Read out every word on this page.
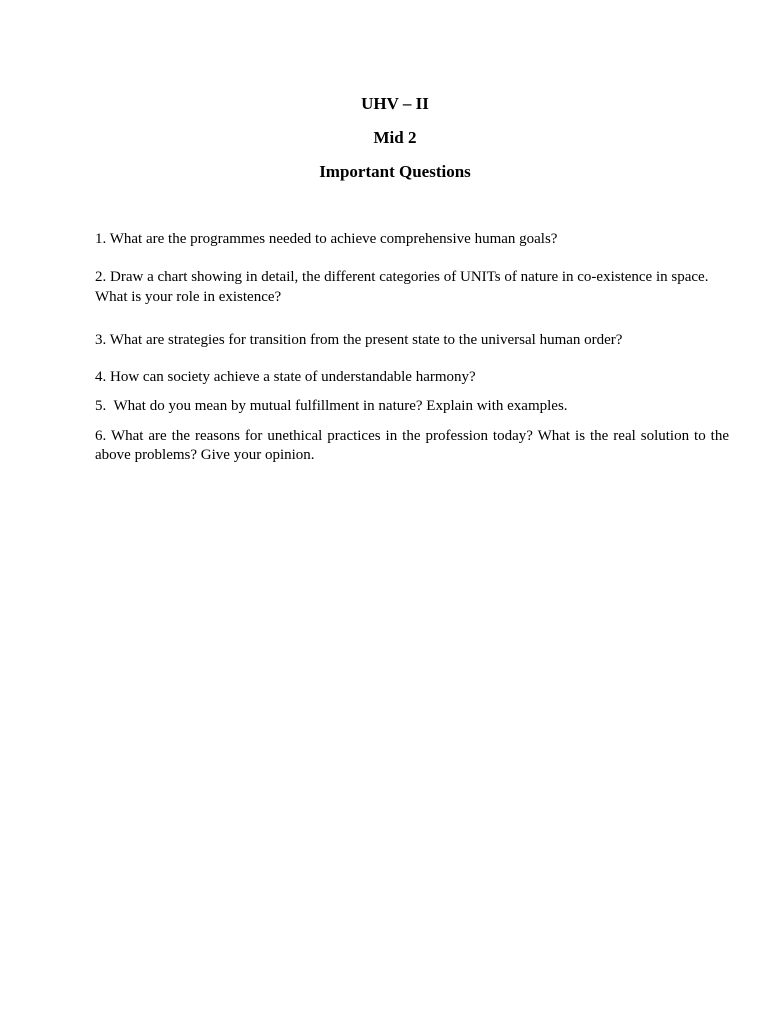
UHV – II
Mid 2
Important Questions
1. What are the programmes needed to achieve comprehensive human goals?
2. Draw a chart showing in detail, the different categories of UNITs of nature in co-existence in space.
What is your role in existence?
3. What are strategies for transition from the present state to the universal human order?
4. How can society achieve a state of understandable harmony?
5.  What do you mean by mutual fulfillment in nature? Explain with examples.
6. What are the reasons for unethical practices in the profession today? What is the real solution to the above problems? Give your opinion.
